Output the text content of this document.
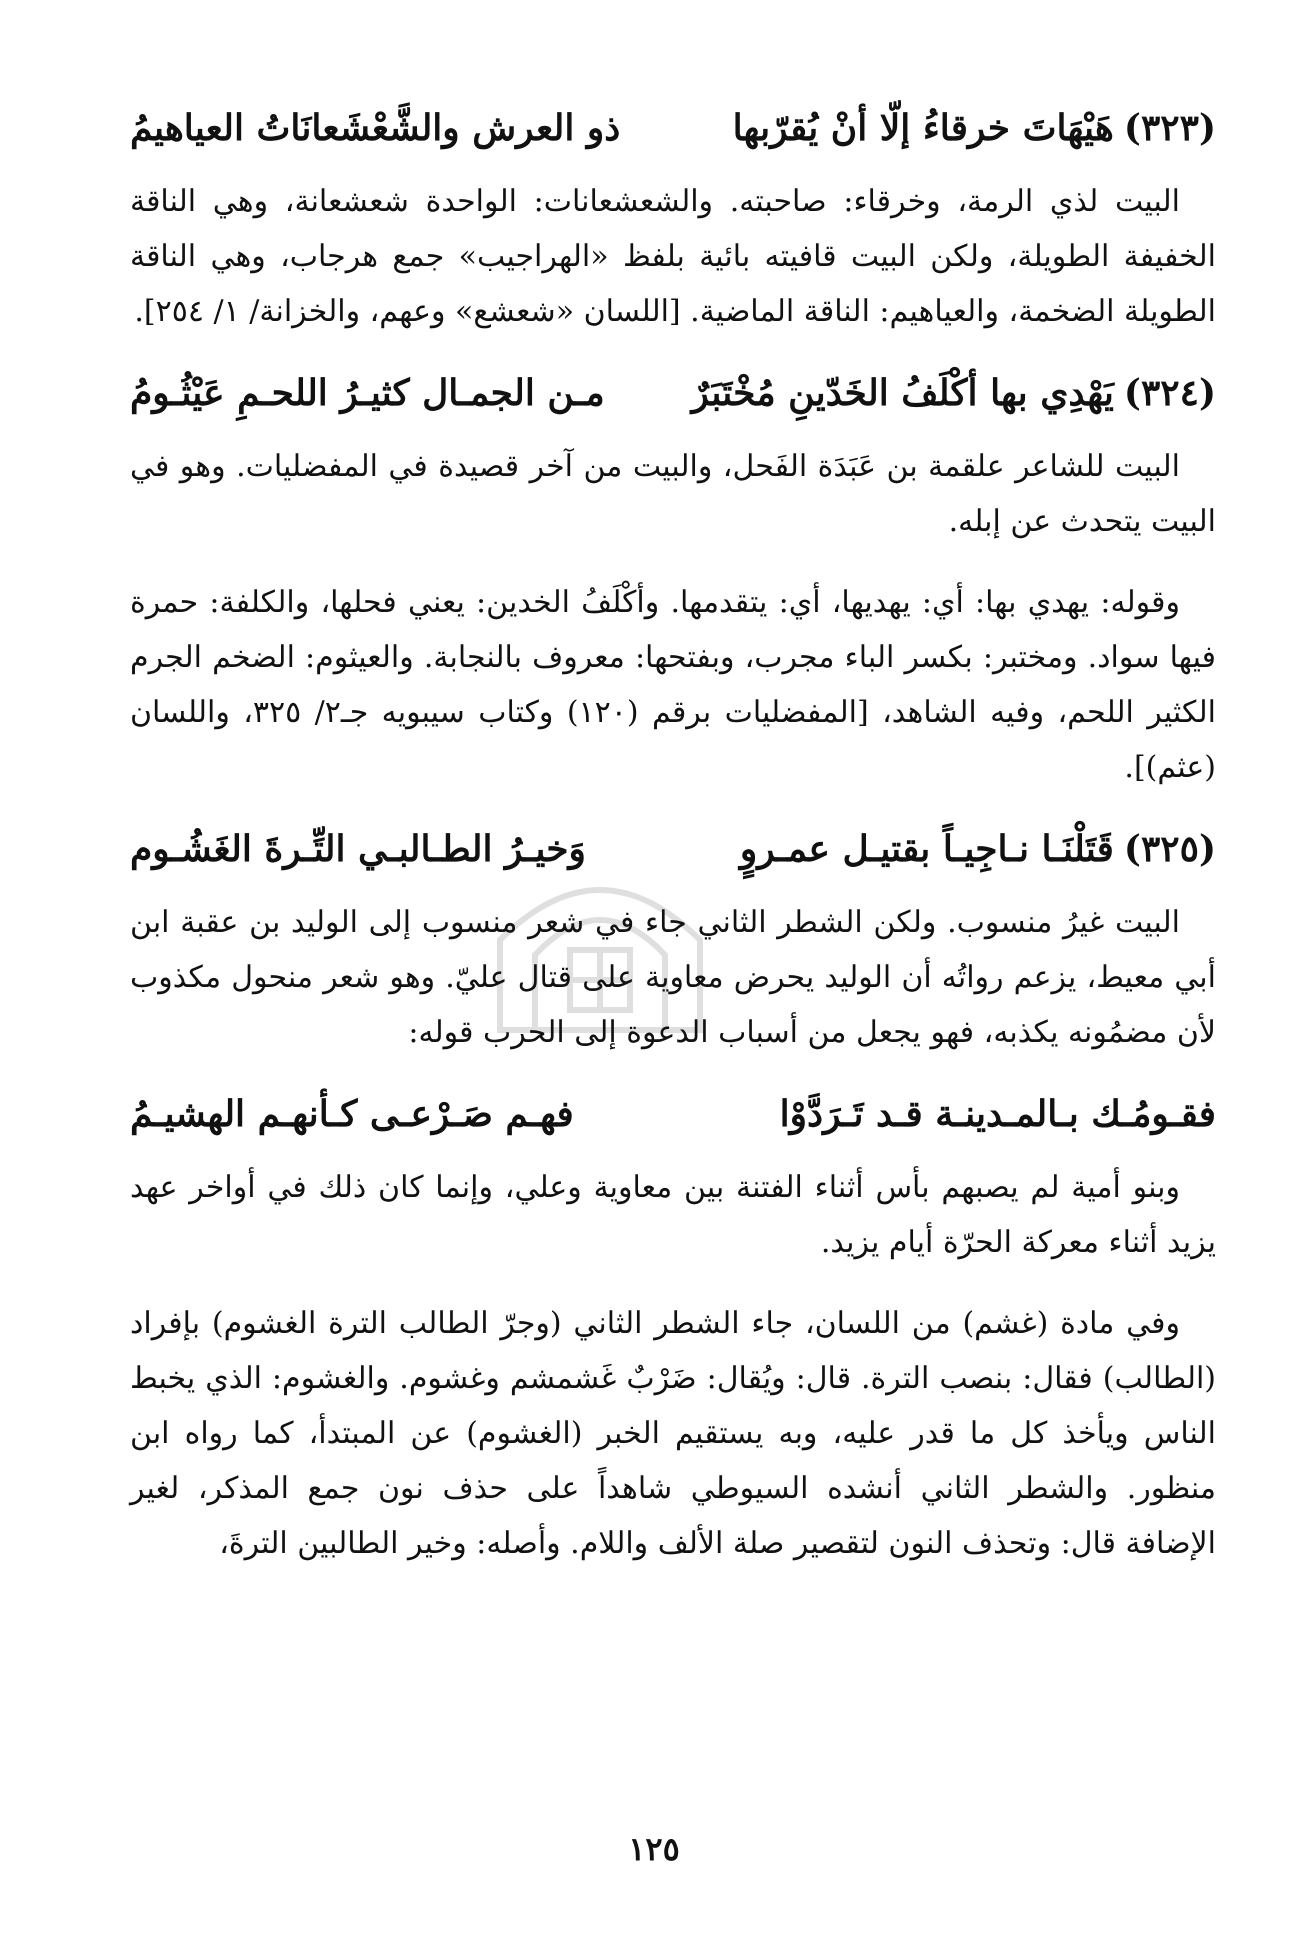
(٣٢٣)
هَيْهَاتَ خرقاءُ إلّا أنْ يُقرّبها
ذو العرش والشَّعْشَعانَاتُ العياهيمُ

البيت لذي الرمة، وخرقاء: صاحبته. والشعشعانات: الواحدة شعشعانة، وهي الناقة الخفيفة الطويلة، ولكن البيت قافيته بائية بلفظ «الهراجيب» جمع هرجاب، وهي الناقة الطويلة الضخمة، والعياهيم: الناقة الماضية. [اللسان «شعشع» وعهم، والخزانة/ ١/ ٢٥٤].

(٣٢٤)
يَهْدِي بها أكْلَفُ الخَدّينِ مُخْتَبَرٌ
مـن الجمـال كثيـرُ اللحـمِ عَيْثُـومُ

البيت للشاعر علقمة بن عَبَدَة الفَحل، والبيت من آخر قصيدة في المفضليات. وهو في البيت يتحدث عن إبله.

وقوله: يهدي بها: أي: يهديها، أي: يتقدمها. وأكْلَفُ الخدين: يعني فحلها، والكلفة: حمرة فيها سواد. ومختبر: بكسر الباء مجرب، وبفتحها: معروف بالنجابة. والعيثوم: الضخم الجرم الكثير اللحم، وفيه الشاهد، [المفضليات برقم (١٢٠) وكتاب سيبويه جـ٢/ ٣٢٥، واللسان (عثم)].

(٣٢٥)
قَتَلْنَـا نـاجِيـاً بقتيـل عمـروٍ
وَخيـرُ الطـالبـي التِّـرةَ الغَشُـوم

البيت غيرُ منسوب. ولكن الشطر الثاني جاء في شعر منسوب إلى الوليد بن عقبة ابن أبي معيط، يزعم رواتُه أن الوليد يحرض معاوية على قتال عليّ. وهو شعر منحول مكذوب لأن مضمُونه يكذبه، فهو يجعل من أسباب الدعوة إلى الحرب قوله:

فقـومُـك بـالمـدينـة قـد تَـرَدَّوْا
فهـم صَـرْعـى كـأنهـم الهشيـمُ

وبنو أمية لم يصبهم بأس أثناء الفتنة بين معاوية وعلي، وإنما كان ذلك في أواخر عهد يزيد أثناء معركة الحرّة أيام يزيد.

وفي مادة (غشم) من اللسان، جاء الشطر الثاني (وجرّ الطالب الترة الغشوم) بإفراد (الطالب) فقال: بنصب الترة. قال: ويُقال: ضَرْبٌ غَشمشم وغشوم. والغشوم: الذي يخبط الناس ويأخذ كل ما قدر عليه، وبه يستقيم الخبر (الغشوم) عن المبتدأ، كما رواه ابن منظور. والشطر الثاني أنشده السيوطي شاهداً على حذف نون جمع المذكر، لغير الإضافة قال: وتحذف النون لتقصير صلة الألف واللام. وأصله: وخير الطالبين الترةَ،

١٢٥
